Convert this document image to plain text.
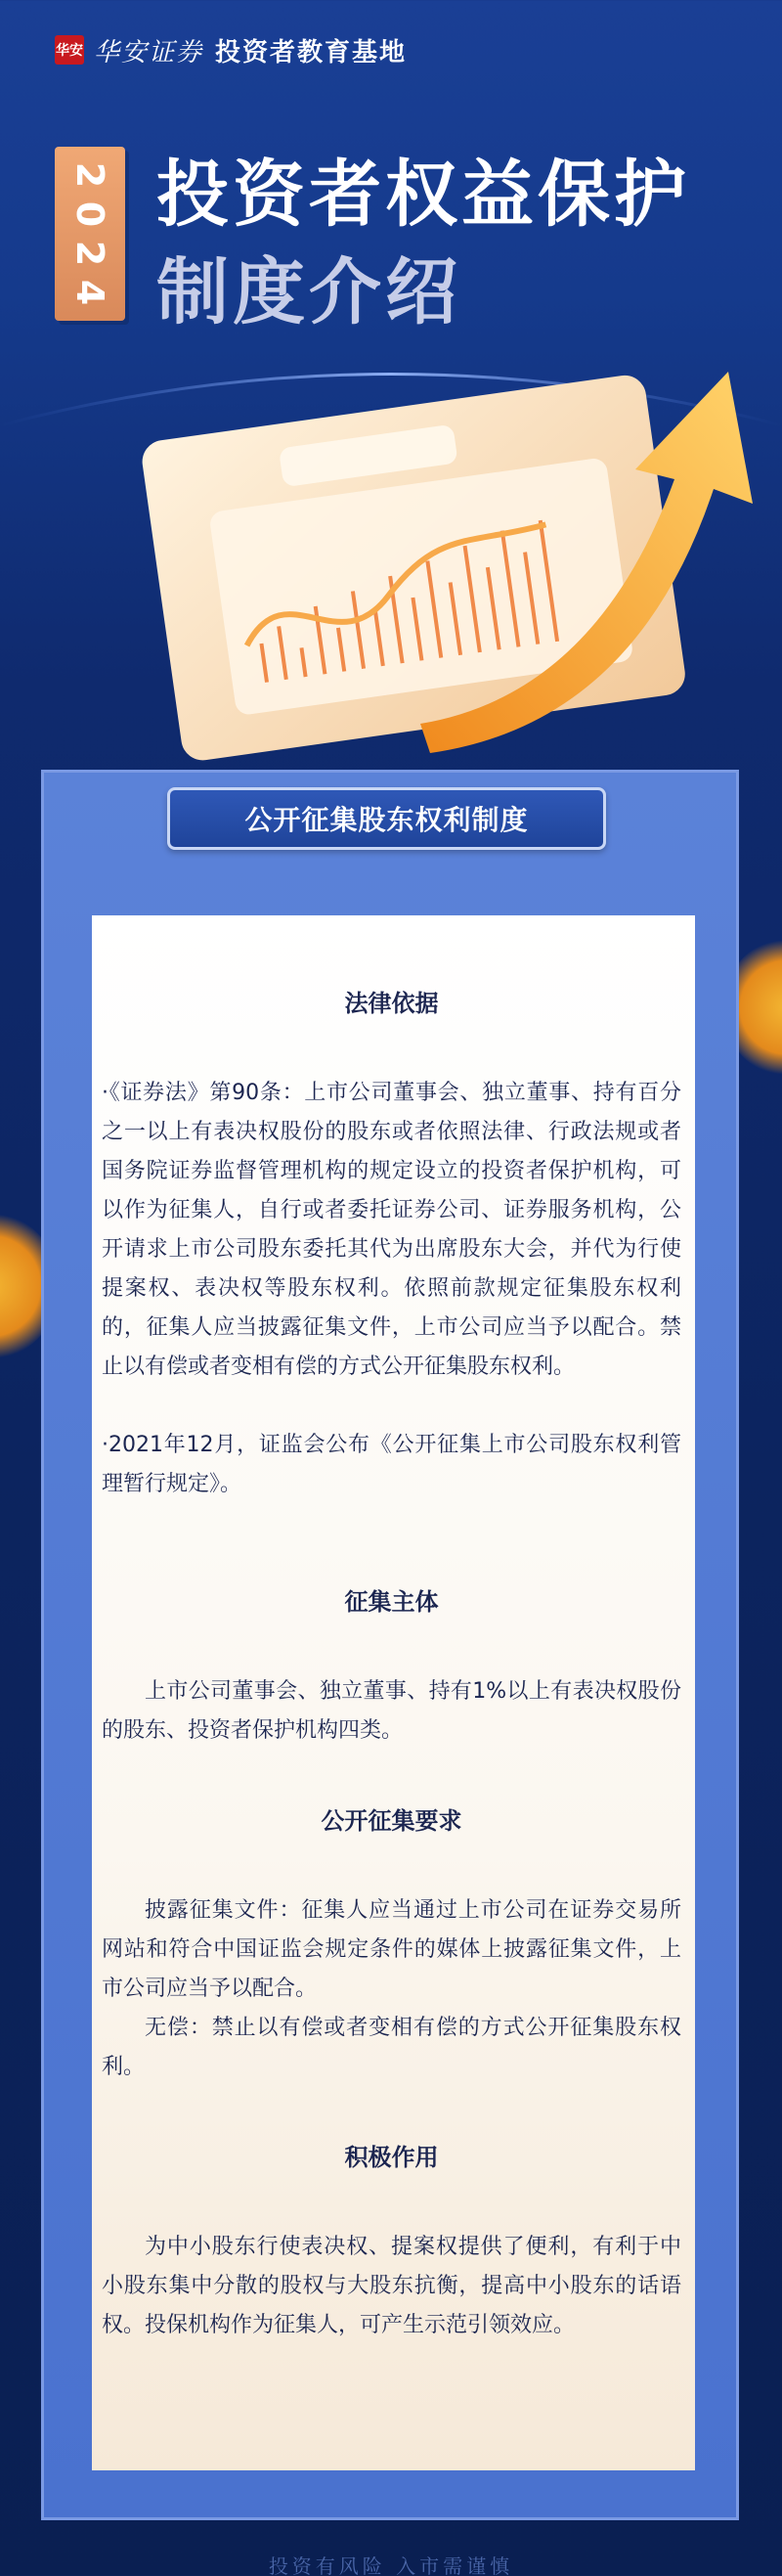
华安 华安证券 投资者教育基地
2
0
2
4
投资者权益保护
制度介绍
公开征集股东权利制度
法律依据
·《证券法》第90条：上市公司董事会、独立董事、持有百分之一以上有表决权股份的股东或者依照法律、行政法规或者国务院证券监督管理机构的规定设立的投资者保护机构，可以作为征集人，自行或者委托证券公司、证券服务机构，公开请求上市公司股东委托其代为出席股东大会，并代为行使提案权、表决权等股东权利。依照前款规定征集股东权利的，征集人应当披露征集文件，上市公司应当予以配合。禁止以有偿或者变相有偿的方式公开征集股东权利。
·2021年12月，证监会公布《公开征集上市公司股东权利管理暂行规定》。
征集主体
上市公司董事会、独立董事、持有1%以上有表决权股份的股东、投资者保护机构四类。
公开征集要求
披露征集文件：征集人应当通过上市公司在证券交易所网站和符合中国证监会规定条件的媒体上披露征集文件，上市公司应当予以配合。
无偿：禁止以有偿或者变相有偿的方式公开征集股东权利。
积极作用
为中小股东行使表决权、提案权提供了便利，有利于中小股东集中分散的股权与大股东抗衡，提高中小股东的话语权。投保机构作为征集人，可产生示范引领效应。
投资有风险 入市需谨慎
